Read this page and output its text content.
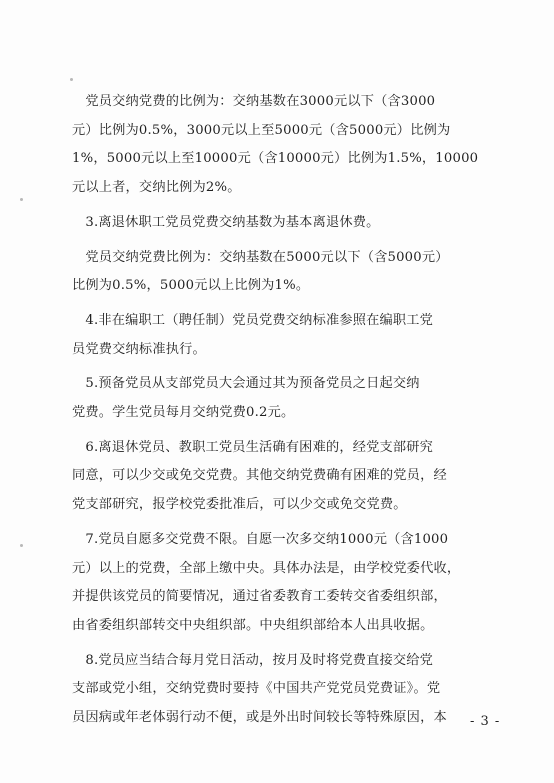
　党员交纳党费的比例为：交纳基数在3000元以下（含3000
元）比例为0.5%，3000元以上至5000元（含5000元）比例为
1%，5000元以上至10000元（含10000元）比例为1.5%，10000
元以上者，交纳比例为2%。

　3.离退休职工党员党费交纳基数为基本离退休费。

　党员交纳党费比例为：交纳基数在5000元以下（含5000元）
比例为0.5%，5000元以上比例为1%。

　4.非在编职工（聘任制）党员党费交纳标准参照在编职工党
员党费交纳标准执行。

　5.预备党员从支部党员大会通过其为预备党员之日起交纳
党费。学生党员每月交纳党费0.2元。

　6.离退休党员、教职工党员生活确有困难的，经党支部研究
同意，可以少交或免交党费。其他交纳党费确有困难的党员，经
党支部研究，报学校党委批准后，可以少交或免交党费。

　7.党员自愿多交党费不限。自愿一次多交纳1000元（含1000
元）以上的党费，全部上缴中央。具体办法是，由学校党委代收，
并提供该党员的简要情况，通过省委教育工委转交省委组织部，
由省委组织部转交中央组织部。中央组织部给本人出具收据。

　8.党员应当结合每月党日活动，按月及时将党费直接交给党
支部或党小组，交纳党费时要持《中国共产党党员党费证》。党
员因病或年老体弱行动不便，或是外出时间较长等特殊原因，本	- 3 -
